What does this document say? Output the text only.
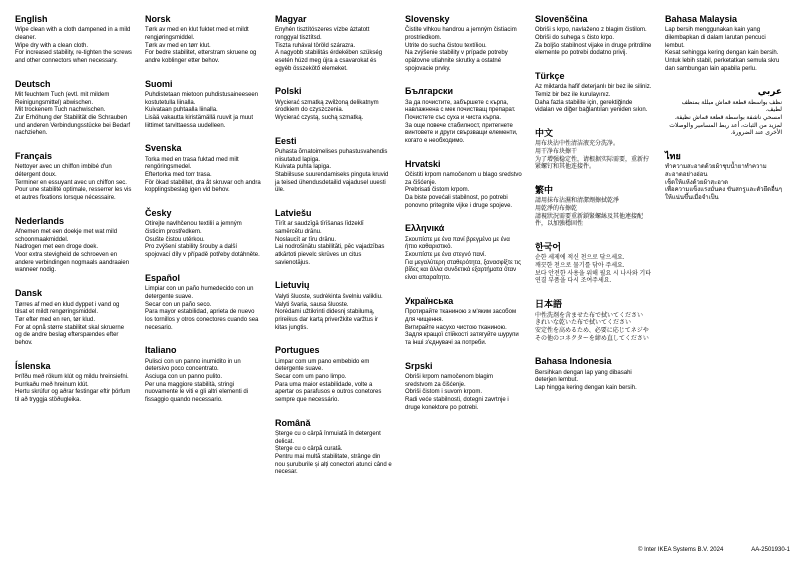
English

Wipe clean with a cloth dampened in a mild cleaner.

Wipe dry with a clean cloth.

For increased stability, re-tighten the screws and other connectors when necessary.

Deutsch

Mit feuchtem Tuch (evtl. mit mildem Reinigungsmittel) abwischen.

Mit trockenem Tuch nachwischen.

Zur Erhöhung der Stabilität die Schrauben und anderen Verbindungsstücke bei Bedarf nachziehen.

Français

Nettoyer avec un chiffon imbibé d'un détergent doux.

Terminer en essuyant avec un chiffon sec.

Pour une stabilité optimale, resserrer les vis et autres fixations lorsque nécessaire.

Nederlands

Afnemen met een doekje met wat mild schoonmaakmiddel.

Nadrogen met een droge doek.

Voor extra stevigheid de schroeven en andere verbindingen nogmaals aandraaien wanneer nodig.

Dansk

Tørres af med en klud dyppet i vand og tilsat et mildt rengøringsmiddel.

Tør efter med en ren, tør klud.

For at opnå større stabilitet skal skruerne og de andre beslag efterspændes efter behov.

Íslenska

Þrífðu með rökum klút og mildu hreinsiefni.

Þurrkaðu með hreinum klút.

Hertu skrúfur og aðrar festingar eftir þörfum til að tryggja stöðugleika.

Norsk

Tørk av med en klut fuktet med et mildt rengjøringsmiddel.

Tørk av med en tørr klut.

For bedre stabilitet, etterstram skruene og andre koblinger etter behov.

Suomi

Puhdistetaan mietoon puhdistusaineeseen kostutetulla liinalla.

Kuivataan puhtaalla liinalla.

Lisää vakautta kiristämällä ruuvit ja muut liittimet tarvittaessa uudelleen.

Svenska

Torka med en trasa fuktad med milt rengöringsmedel.

Eftertorka med torr trasa.

För ökad stabilitet, dra åt skruvar och andra kopplingsbeslag igen vid behov.

Česky

Otírejte navlhčenou textilií a jemným čisticím prostředkem.

Osušte čistou utěrkou.

Pro zvýšení stability šrouby a další spojovací díly v případě potřeby dotáhněte.

Español

Limpiar con un paño humedecido con un detergente suave.

Secar con un paño seco.

Para mayor estabilidad, aprieta de nuevo los tornillos y otros conectores cuando sea necesario.

Italiano

Pulisci con un panno inumidito in un detersivo poco concentrato.

Asciuga con un panno pulito.

Per una maggiore stabilità, stringi nuovamente le viti e gli altri elementi di fissaggio quando necessario.

Magyar

Enyhén tisztítószeres vízbe áztatott ronggyal tisztítsd.

Tiszta ruhával töröld szárazra.

A nagyobb stabilitás érdekében szükség esetén húzd meg újra a csavarokat és egyéb összekötő elemeket.

Polski

Wycierać szmatką zwilżoną delikatnym środkiem do czyszczenia.

Wycierać czystą, suchą szmatką.

Eesti

Puhasta õrnatoimelises puhastusvahendis niisutatud lapiga.

Kuivata puhta lapiga.

Stabiilsuse suurendamiseks pinguta kruvid ja teised ühendusdetailid vajadusel uuesti üle.

Latviešu

Tīrīt ar saudzīgā tīrīšanas līdzeklī samērcētu drānu.

Noslaucīt ar tīru drānu.

Lai nodrošinātu stabilitāti, pēc vajadzības atkārtoti pievelc skrūves un citus savienotājus.

Lietuvių

Valyti šluoste, sudrėkinta švelniu valikliu.

Valyti švaria, sausa šluoste.

Norėdami užtikrinti didesnį stabilumą, prireikus dar kartą priveržkite varžtus ir kitas jungtis.

Portugues

Limpar com um pano embebido em detergente suave.

Secar com um pano limpo.

Para uma maior estabilidade, volte a apertar os parafusos e outros conetores sempre que necessário.

Română

Șterge cu o cârpă înmuiată în detergent delicat.

Șterge cu o cârpă curată.

Pentru mai multă stabilitate, strânge din nou șuruburile și alți conectori atunci când e necesar.

Slovensky

Čistite vlhkou handrou a jemným čistiacim prostriedkom.

Utrite do sucha čistou textíliou.

Na zvýšenie stability v prípade potreby opätovne utiahnite skrutky a ostatné spojovacie prvky.

Български

За да почистите, забършете с кърпа, навлажнена с мек почистващ препарат.

Почистете със суха и чиста кърпа.

За още повече стабилност, притегнете винтовете и други свързващи елементи, когато е необходимо.

Hrvatski

Očistiti krpom namočenom u blago sredstvo za čišćenje.

Prebrisati čistom krpom.

Da biste povećali stabilnost, po potrebi ponovno pritegnite vijke i druge spojeve.

Ελληνικά

Σκουπίστε με ένα πανί βρεγμένο με ένα ήπιο καθαριστικό.

Σκουπίστε με ένα στεγνό πανί.

Για μεγαλύτερη σταθερότητα, ξανασφίξτε τις βίδες και άλλα συνδετικά εξαρτήματα όταν είναι απαραίτητο.

Українська

Протирайте тканиною з м'яким засобом для чищення.

Витирайте насухо чистою тканиною.

Задля кращої стійкості затягуйте шурупи та інші з'єднувачі за потреби.

Srpski

Obriši krpom namočenom blagim sredstvom za čišćenje.

Obriši čistom i suvom krpom.

Radi veće stabilnosti, dotegni zavrtnje i druge konektore po potrebi.

Slovenščina

Obriši s krpo, navlaženo z blagim čistilom.

Obriši do suhega s čisto krpo.

Za boljšo stabilnost vijake in druge pritrdilne elemente po potrebi dodatno privij.

Türkçe

Az miktarda hafif deterjanlı bir bez ile siliniz.

Temiz bir bez ile kurulayınız.

Daha fazla stabilite için, gerektiğinde vidaları ve diğer bağlantıları yeniden sıkın.

中文

用布块沾中性清洁液充分洗净。

用干净布块擦干

为了增强稳定性，请根据实际需要，重新拧紧螺钉和其他连接件。

繁中

請用抹布沾濕和清潔劑擦拭乾淨

用乾淨的布擦乾

請視狀況需要重新鎖緊螺絲及其他連接配件，以加強穩固性

한국어

순한 세제에 적신 천으로 닦으세요.

깨끗한 천으로 물기를 닦아 주세요.

보다 안전한 사용을 위해 필요 시 나사와 기타 연결 부품을 다시 조여주세요.

日本語

中性洗剤を含ませた布で拭いてください

きれいな乾いた布で拭いてください

安定性を高めるため、必要に応じてネジやその他のコネクターを締め直してください

Bahasa Indonesia

Bersihkan dengan lap yang dibasahi deterjen lembut.

Lap hingga kering dengan kain bersih.

Bahasa Malaysia

Lap bersih menggunakan kain yang dilembapkan di dalam larutan pencuci lembut.

Kesat sehingga kering dengan kain bersih.

Untuk lebih stabil, perketatkan semula skru dan sambungan lain apabila perlu.

عربي

نظف بواسطة قطعة قماش مبللة بمنظف لطيف.

امسحي ناشفة بواسطة قطعة قماش نظيفة.

لمزيد من الثبات، أعد ربط المسامير والوصلات الأخرى عند الضرورة.

ไทย

ทำความสะอาดด้วยผ้าชุบน้ำยาทำความสะอาดอย่างอ่อน

เช็ดให้แห้งด้วยผ้าสะอาด

เพื่อความแข็งแรงมั่นคง ขันสกรูและตัวยึดอื่นๆ ให้แน่นขึ้นเมื่อจำเป็น

© Inter IKEA Systems B.V. 2024	AA-2501930-1
